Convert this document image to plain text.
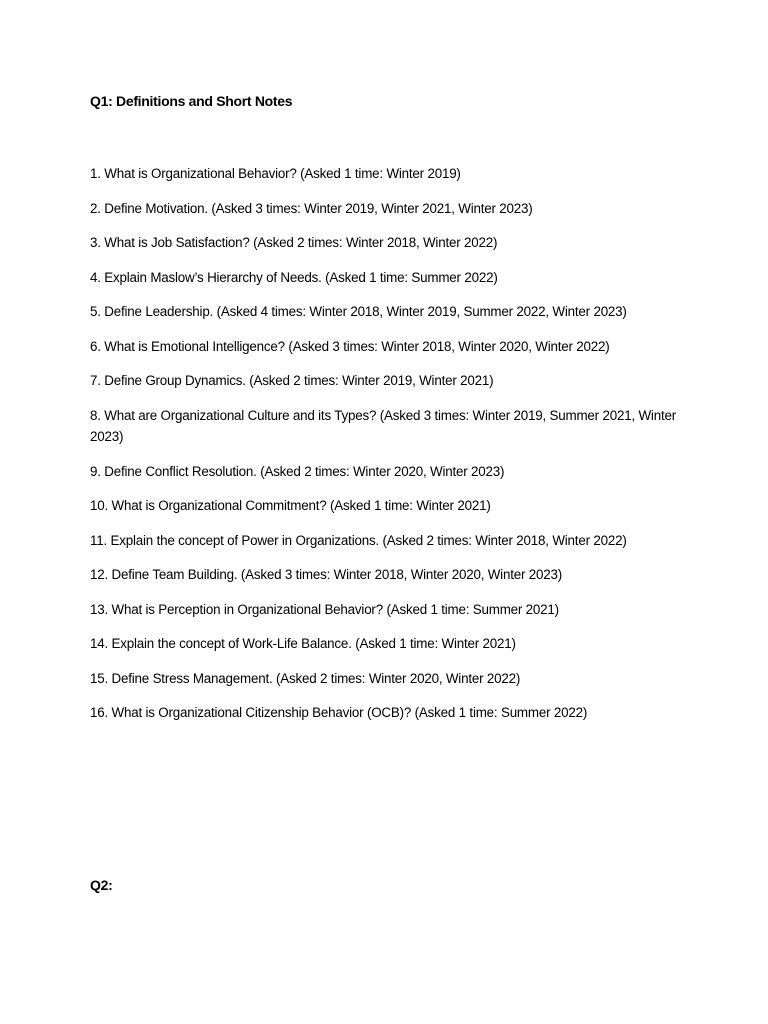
Q1: Definitions and Short Notes
1. What is Organizational Behavior? (Asked 1 time: Winter 2019)
2. Define Motivation. (Asked 3 times: Winter 2019, Winter 2021, Winter 2023)
3. What is Job Satisfaction? (Asked 2 times: Winter 2018, Winter 2022)
4. Explain Maslow’s Hierarchy of Needs. (Asked 1 time: Summer 2022)
5. Define Leadership. (Asked 4 times: Winter 2018, Winter 2019, Summer 2022, Winter 2023)
6. What is Emotional Intelligence? (Asked 3 times: Winter 2018, Winter 2020, Winter 2022)
7. Define Group Dynamics. (Asked 2 times: Winter 2019, Winter 2021)
8. What are Organizational Culture and its Types? (Asked 3 times: Winter 2019, Summer 2021, Winter 2023)
9. Define Conflict Resolution. (Asked 2 times: Winter 2020, Winter 2023)
10. What is Organizational Commitment? (Asked 1 time: Winter 2021)
11. Explain the concept of Power in Organizations. (Asked 2 times: Winter 2018, Winter 2022)
12. Define Team Building. (Asked 3 times: Winter 2018, Winter 2020, Winter 2023)
13. What is Perception in Organizational Behavior? (Asked 1 time: Summer 2021)
14. Explain the concept of Work-Life Balance. (Asked 1 time: Winter 2021)
15. Define Stress Management. (Asked 2 times: Winter 2020, Winter 2022)
16. What is Organizational Citizenship Behavior (OCB)? (Asked 1 time: Summer 2022)
Q2:
